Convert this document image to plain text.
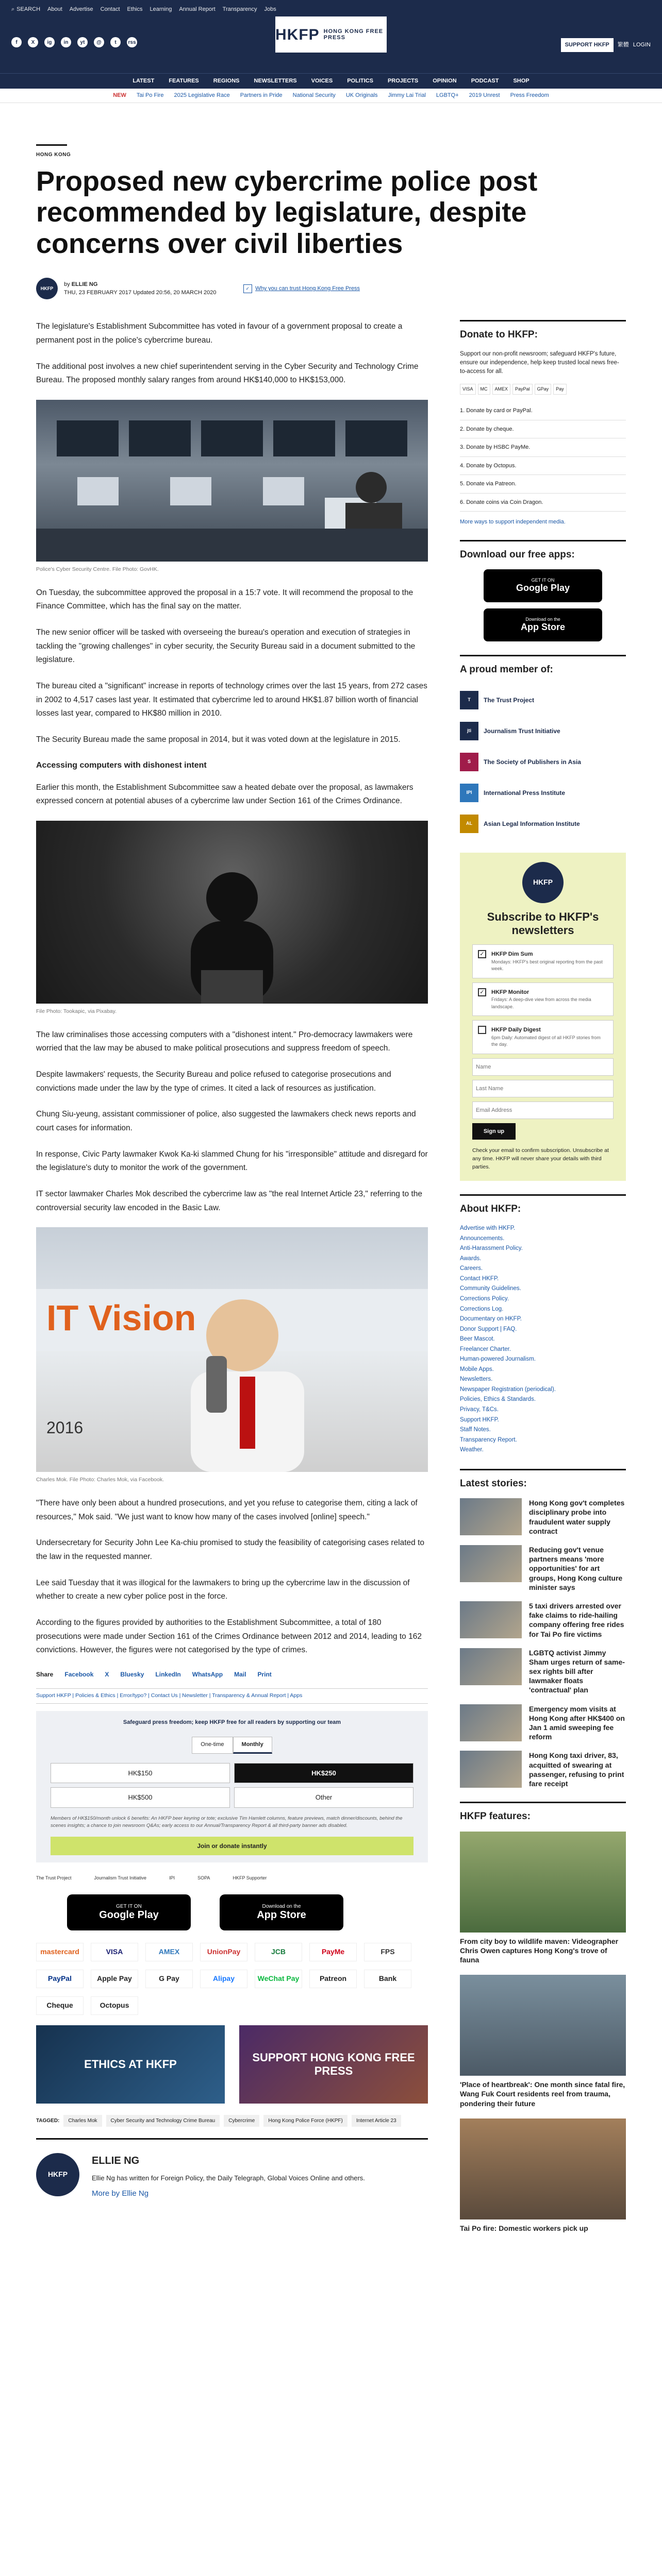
⌕ SEARCH About Advertise Contact Ethics Learning Annual Report Transparency Jobs
f	X	ig	in	yt	@	t	rss	HKFP HONG KONG FREE PRESS
SUPPORT HKFP	繁體 LOGIN
LATEST	FEATURES	REGIONS	NEWSLETTERS	VOICES	POLITICS	PROJECTS	OPINION	PODCAST	SHOP
NEW Tai Po Fire 2025 Legislative Race Partners in Pride National Security UK Originals Jimmy Lai Trial LGBTQ+ 2019 Unrest Press Freedom
HONG KONG
Proposed new cybercrime police post recommended by legislature, despite concerns over civil liberties
HKFP
by ELLIE NG
THU, 23 FEBRUARY 2017 Updated 20:56, 20 MARCH 2020
✓	Why you can trust Hong Kong Free Press

The legislature's Establishment Subcommittee has voted in favour of a government proposal to create a permanent post in the police's cybercrime bureau.

The additional post involves a new chief superintendent serving in the Cyber Security and Technology Crime Bureau. The proposed monthly salary ranges from around HK$140,000 to HK$153,000.

Police's Cyber Security Centre. File Photo: GovHK.

On Tuesday, the subcommittee approved the proposal in a 15:7 vote. It will recommend the proposal to the Finance Committee, which has the final say on the matter.

The new senior officer will be tasked with overseeing the bureau's operation and execution of strategies in tackling the "growing challenges" in cyber security, the Security Bureau said in a document submitted to the legislature.

The bureau cited a "significant" increase in reports of technology crimes over the last 15 years, from 272 cases in 2002 to 4,517 cases last year. It estimated that cybercrime led to around HK$1.87 billion worth of financial losses last year, compared to HK$80 million in 2010.

The Security Bureau made the same proposal in 2014, but it was voted down at the legislature in 2015.

Accessing computers with dishonest intent

Earlier this month, the Establishment Subcommittee saw a heated debate over the proposal, as lawmakers expressed concern at potential abuses of a cybercrime law under Section 161 of the Crimes Ordinance.

File Photo: Tookapic, via Pixabay.

The law criminalises those accessing computers with a "dishonest intent." Pro-democracy lawmakers were worried that the law may be abused to make political prosecutions and suppress freedom of speech.

Despite lawmakers' requests, the Security Bureau and police refused to categorise prosecutions and convictions made under the law by the type of crimes. It cited a lack of resources as justification.

Chung Siu-yeung, assistant commissioner of police, also suggested the lawmakers check news reports and court cases for information.

In response, Civic Party lawmaker Kwok Ka-ki slammed Chung for his "irresponsible" attitude and disregard for the legislature's duty to monitor the work of the government.

IT sector lawmaker Charles Mok described the cybercrime law as "the real Internet Article 23," referring to the controversial security law encoded in the Basic Law.

IT Vision
2016
Charles Mok. File Photo: Charles Mok, via Facebook.

"There have only been about a hundred prosecutions, and yet you refuse to categorise them, citing a lack of resources," Mok said. "We just want to know how many of the cases involved [online] speech."

Undersecretary for Security John Lee Ka-chiu promised to study the feasibility of categorising cases related to the law in the requested manner.

Lee said Tuesday that it was illogical for the lawmakers to bring up the cybercrime law in the discussion of whether to create a new cyber police post in the force.

According to the figures provided by authorities to the Establishment Subcommittee, a total of 180 prosecutions were made under Section 161 of the Crimes Ordinance between 2012 and 2014, leading to 162 convictions. However, the figures were not categorised by the type of crimes.

Share Facebook X Bluesky LinkedIn WhatsApp Mail Print
Support HKFP | Policies & Ethics | Error/typo? | Contact Us | Newsletter | Transparency & Annual Report | Apps
Safeguard press freedom; keep HKFP free for all readers by supporting our team
One-time	Monthly
HK$150	HK$250
HK$500	Other
Members of HK$150/month unlock 6 benefits: An HKFP beer keyring or tote; exclusive Tim Hamlett columns, feature previews, match dinner/discounts, behind the scenes insights; a chance to join newsroom Q&As; early access to our Annual/Transparency Report & all third-party banner ads disabled.
Join or donate instantly
The Trust Project	Journalism Trust Initiative	IPI	SOPA	HKFP Supporter
GET IT ON
Google Play
Download on the
App Store
mastercard	VISA	AMEX	UnionPay	JCB	PayMe	FPS
PayPal	Apple Pay	G Pay	Alipay	WeChat Pay	Patreon	Bank
Cheque	Octopus
ETHICS AT HKFP
SUPPORT HONG KONG FREE PRESS
TAGGED:	Charles Mok	Cyber Security and Technology Crime Bureau	Cybercrime	Hong Kong Police Force (HKPF)	Internet Article 23
HKFP
ELLIE NG

Ellie Ng has written for Foreign Policy, the Daily Telegraph, Global Voices Online and others.

More by Ellie Ng
Donate to HKFP:

Support our non-profit newsroom; safeguard HKFP's future, ensure our independence, help keep trusted local news free-to-access for all.

VISA	MC	AMEX	PayPal	GPay	Pay
1. Donate by card or PayPal.
2. Donate by cheque.
3. Donate by HSBC PayMe.
4. Donate by Octopus.
5. Donate via Patreon.
6. Donate coins via Coin Dragon.
More ways to support independent media.
Download our free apps:
GET IT ON
Google Play
Download on the
App Store
A proud member of:
T	The Trust Project
jti	Journalism Trust Initiative
S	The Society of Publishers in Asia
IPI	International Press Institute
AL	Asian Legal Information Institute
HKFP
Subscribe to HKFP's newsletters
✓	HKFP Dim Sum
Mondays: HKFP's best original reporting from the past week.
✓	HKFP Monitor
Fridays: A deep-dive view from across the media landscape.
HKFP Daily Digest
6pm Daily: Automated digest of all HKFP stories from the day.
Name Last Name Email Address
Sign up
Check your email to confirm subscription. Unsubscribe at any time. HKFP will never share your details with third parties.
About HKFP:
Advertise with HKFP.
Announcements.
Anti-Harassment Policy.
Awards.
Careers.
Contact HKFP.
Community Guidelines.
Corrections Policy.
Corrections Log.
Documentary on HKFP.
Donor Support | FAQ.
Beer Mascot.
Freelancer Charter.
Human-powered Journalism.
Mobile Apps.
Newsletters.
Newspaper Registration (periodical).
Policies, Ethics & Standards.
Privacy, T&Cs.
Support HKFP.
Staff Notes.
Transparency Report.
Weather.
Latest stories:

Hong Kong gov't completes disciplinary probe into fraudulent water supply contract

Reducing gov't venue partners means 'more opportunities' for art groups, Hong Kong culture minister says

5 taxi drivers arrested over fake claims to ride-hailing company offering free rides for Tai Po fire victims

LGBTQ activist Jimmy Sham urges return of same-sex rights bill after lawmaker floats 'contractual' plan

Emergency mom visits at Hong Kong after HK$400 on Jan 1 amid sweeping fee reform

Hong Kong taxi driver, 83, acquitted of swearing at passenger, refusing to print fare receipt

HKFP features:

From city boy to wildlife maven: Videographer Chris Owen captures Hong Kong's trove of fauna

'Place of heartbreak': One month since fatal fire, Wang Fuk Court residents reel from trauma, pondering their future

Tai Po fire: Domestic workers pick up
